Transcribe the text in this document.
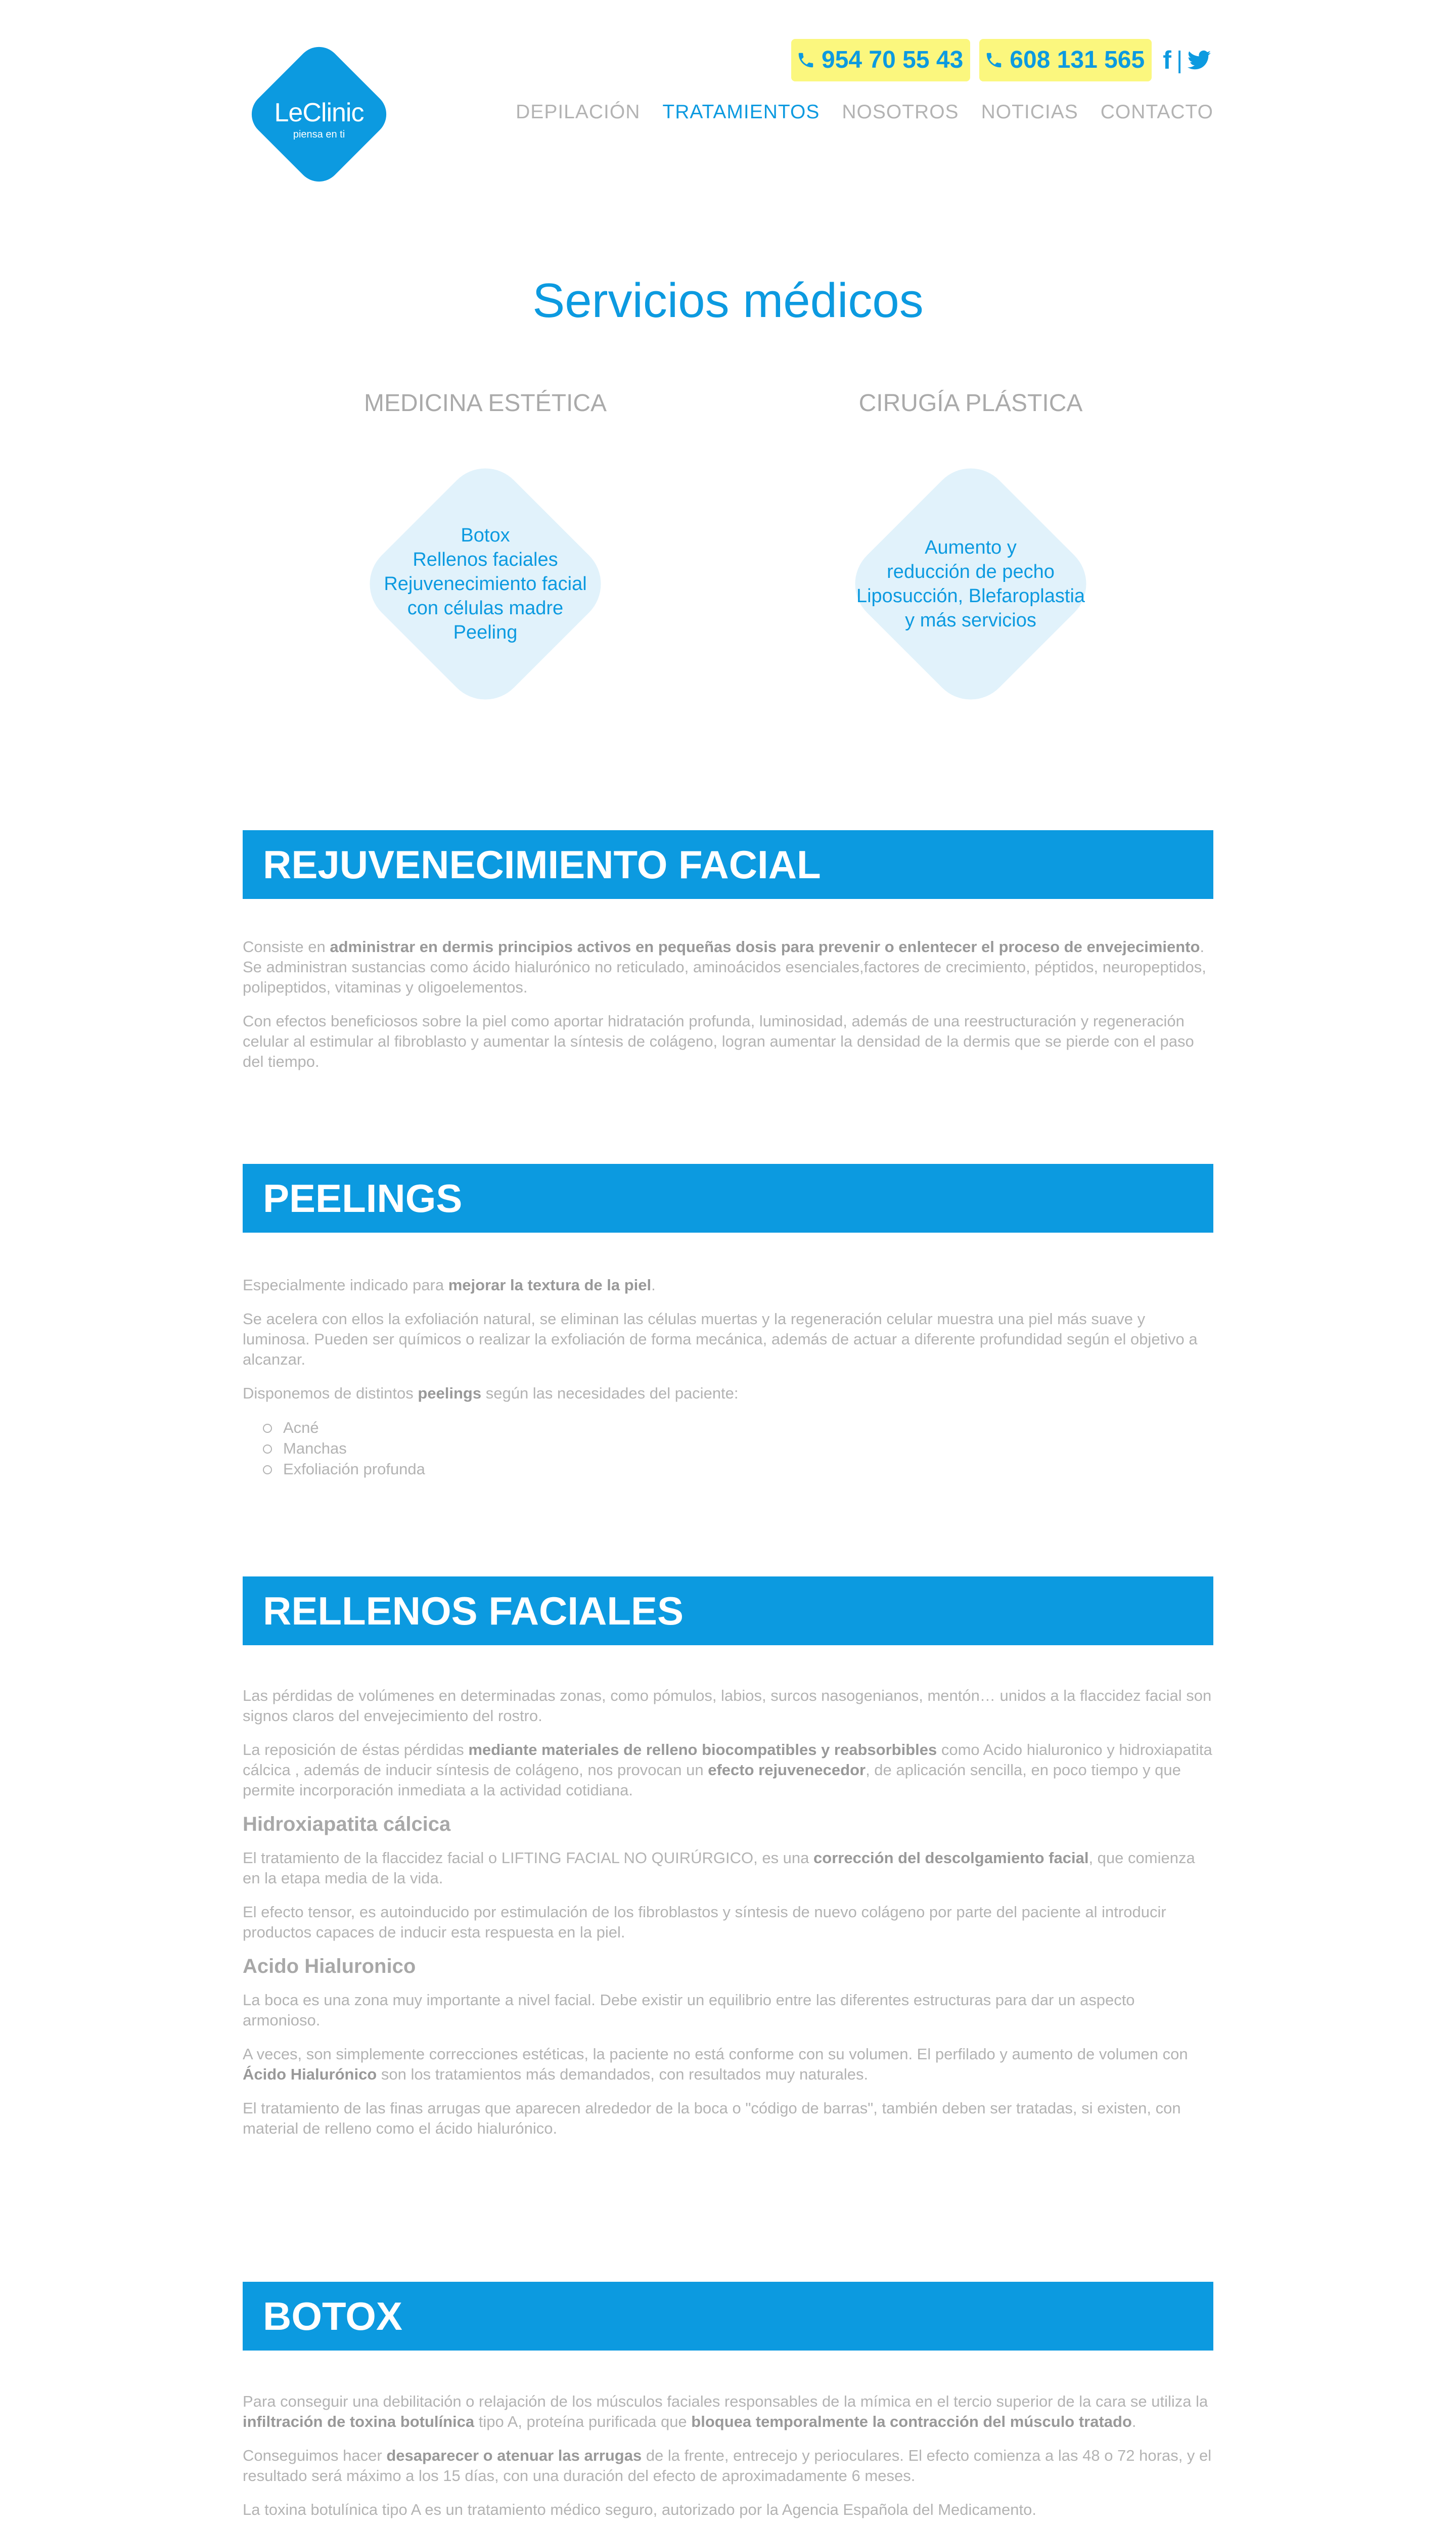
LeClinic
piensa en ti
954 70 55 43 608 131 565 f |
DEPILACIÓN TRATAMIENTOS NOSOTROS NOTICIAS CONTACTO
Servicios médicos
MEDICINA ESTÉTICA
Botox
Rellenos faciales
Rejuvenecimiento facial
con células madre
Peeling
CIRUGÍA PLÁSTICA
Aumento y
reducción de pecho
Liposucción, Blefaroplastia
y más servicios
REJUVENECIMIENTO FACIAL

Consiste en administrar en dermis principios activos en pequeñas dosis para prevenir o enlentecer el proceso de envejecimiento. Se administran sustancias como ácido hialurónico no reticulado, aminoácidos esenciales,factores de crecimiento, péptidos, neuropeptidos, polipeptidos, vitaminas y oligoelementos.

Con efectos beneficiosos sobre la piel como aportar hidratación profunda, luminosidad, además de una reestructuración y regeneración celular al estimular al fibroblasto y aumentar la síntesis de colágeno, logran aumentar la densidad de la dermis que se pierde con el paso del tiempo.

PEELINGS

Especialmente indicado para mejorar la textura de la piel.

Se acelera con ellos la exfoliación natural, se eliminan las células muertas y la regeneración celular muestra una piel más suave y luminosa. Pueden ser químicos o realizar la exfoliación de forma mecánica, además de actuar a diferente profundidad según el objetivo a alcanzar.

Disponemos de distintos peelings según las necesidades del paciente:

Acné
Manchas
Exfoliación profunda
RELLENOS FACIALES

Las pérdidas de volúmenes en determinadas zonas, como pómulos, labios, surcos nasogenianos, mentón… unidos a la flaccidez facial son signos claros del envejecimiento del rostro.

La reposición de éstas pérdidas mediante materiales de relleno biocompatibles y reabsorbibles como Acido hialuronico y hidroxiapatita cálcica , además de inducir síntesis de colágeno, nos provocan un efecto rejuvenecedor, de aplicación sencilla, en poco tiempo y que permite incorporación inmediata a la actividad cotidiana.

Hidroxiapatita cálcica

El tratamiento de la flaccidez facial o LIFTING FACIAL NO QUIRÚRGICO, es una corrección del descolgamiento facial, que comienza en la etapa media de la vida.

El efecto tensor, es autoinducido por estimulación de los fibroblastos y síntesis de nuevo colágeno por parte del paciente al introducir productos capaces de inducir esta respuesta en la piel.

Acido Hialuronico

La boca es una zona muy importante a nivel facial. Debe existir un equilibrio entre las diferentes estructuras para dar un aspecto armonioso.

A veces, son simplemente correcciones estéticas, la paciente no está conforme con su volumen. El perfilado y aumento de volumen con Ácido Hialurónico son los tratamientos más demandados, con resultados muy naturales.

El tratamiento de las finas arrugas que aparecen alrededor de la boca o "código de barras", también deben ser tratadas, si existen, con material de relleno como el ácido hialurónico.

BOTOX

Para conseguir una debilitación o relajación de los músculos faciales responsables de la mímica en el tercio superior de la cara se utiliza la infiltración de toxina botulínica tipo A, proteína purificada que bloquea temporalmente la contracción del músculo tratado.

Conseguimos hacer desaparecer o atenuar las arrugas de la frente, entrecejo y perioculares. El efecto comienza a las 48 o 72 horas, y el resultado será máximo a los 15 días, con una duración del efecto de aproximadamente 6 meses.

La toxina botulínica tipo A es un tratamiento médico seguro, autorizado por la Agencia Española del Medicamento.
